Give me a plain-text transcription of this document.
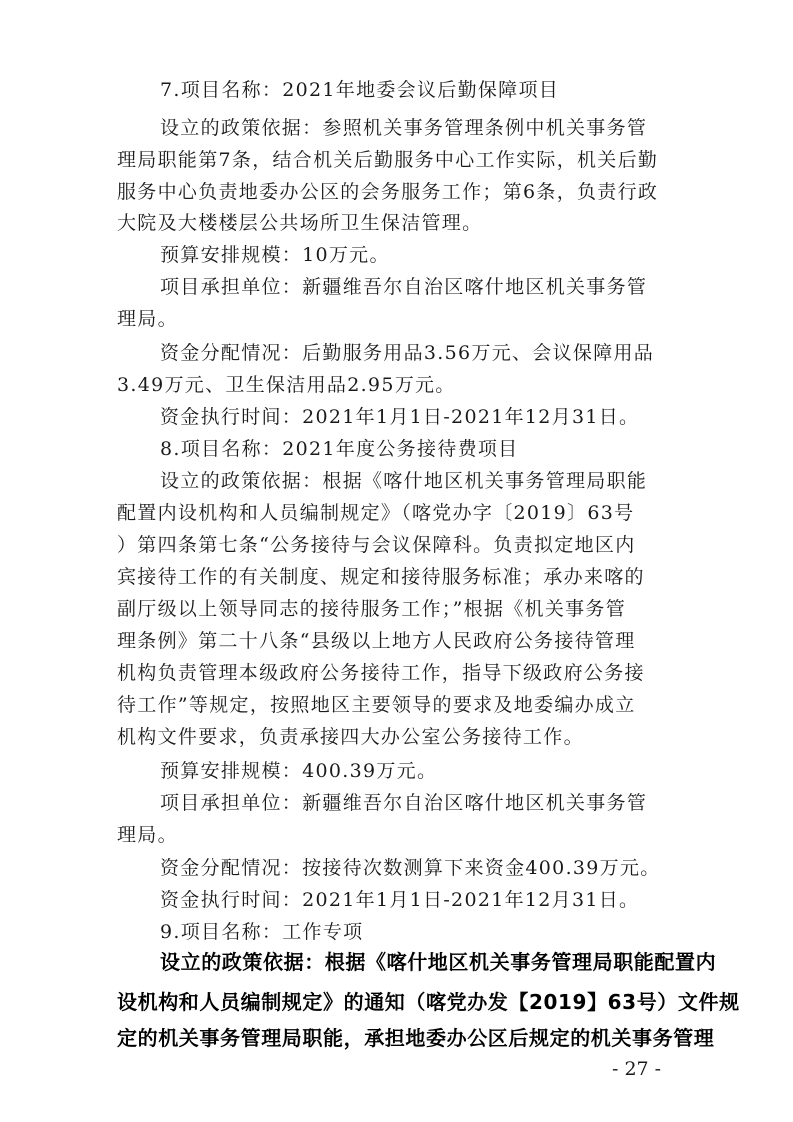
7.项目名称：2021年地委会议后勤保障项目
设立的政策依据：参照机关事务管理条例中机关事务管
理局职能第7条，结合机关后勤服务中心工作实际，机关后勤
服务中心负责地委办公区的会务服务工作；第6条，负责行政
大院及大楼楼层公共场所卫生保洁管理。
预算安排规模：10万元。
项目承担单位：新疆维吾尔自治区喀什地区机关事务管
理局。
资金分配情况：后勤服务用品3.56万元、会议保障用品
3.49万元、卫生保洁用品2.95万元。
资金执行时间：2021年1月1日-2021年12月31日。
8.项目名称：2021年度公务接待费项目
设立的政策依据：根据《喀什地区机关事务管理局职能
配置内设机构和人员编制规定》（喀党办字〔2019〕63号
）第四条第七条“公务接待与会议保障科。负责拟定地区内
宾接待工作的有关制度、规定和接待服务标准；承办来喀的
副厅级以上领导同志的接待服务工作；”根据《机关事务管
理条例》第二十八条“县级以上地方人民政府公务接待管理
机构负责管理本级政府公务接待工作，指导下级政府公务接
待工作”等规定，按照地区主要领导的要求及地委编办成立
机构文件要求，负责承接四大办公室公务接待工作。
预算安排规模：400.39万元。
项目承担单位：新疆维吾尔自治区喀什地区机关事务管
理局。
资金分配情况：按接待次数测算下来资金400.39万元。
资金执行时间：2021年1月1日-2021年12月31日。
9.项目名称：工作专项
设立的政策依据：根据《喀什地区机关事务管理局职能配置内
设机构和人员编制规定》的通知（喀党办发【2019】63号）文件规
定的机关事务管理局职能，承担地委办公区后规定的机关事务管理
- 27 -
